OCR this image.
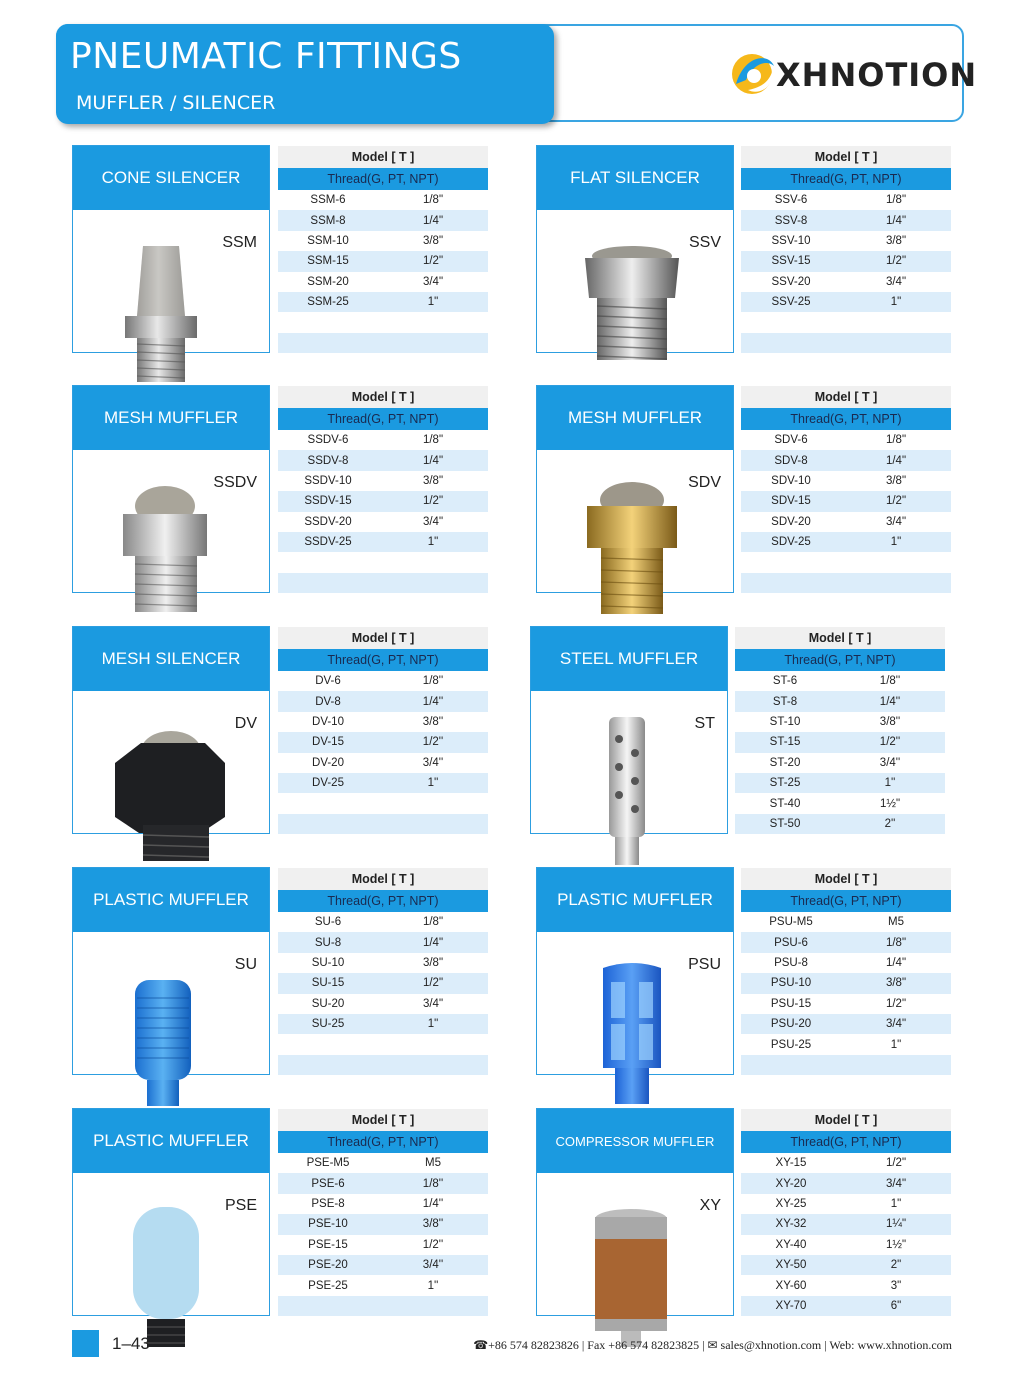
PNEUMATIC FITTINGS
MUFFLER / SILENCER
XHNOTION
CONE SILENCER
SSM
Model [ T ]
Thread(G, PT, NPT)
SSM-6	1/8"
SSM-8	1/4"
SSM-10	3/8"
SSM-15	1/2"
SSM-20	3/4"
SSM-25	1"
FLAT SILENCER
SSV
Model [ T ]
Thread(G, PT, NPT)
SSV-6	1/8"
SSV-8	1/4"
SSV-10	3/8"
SSV-15	1/2"
SSV-20	3/4"
SSV-25	1"
MESH MUFFLER
SSDV
Model [ T ]
Thread(G, PT, NPT)
SSDV-6	1/8"
SSDV-8	1/4"
SSDV-10	3/8"
SSDV-15	1/2"
SSDV-20	3/4"
SSDV-25	1"
MESH MUFFLER
SDV
Model [ T ]
Thread(G, PT, NPT)
SDV-6	1/8"
SDV-8	1/4"
SDV-10	3/8"
SDV-15	1/2"
SDV-20	3/4"
SDV-25	1"
MESH SILENCER
DV
Model [ T ]
Thread(G, PT, NPT)
DV-6	1/8''
DV-8	1/4''
DV-10	3/8''
DV-15	1/2''
DV-20	3/4''
DV-25	1''
STEEL MUFFLER
ST
Model [ T ]
Thread(G, PT, NPT)
ST-6	1/8''
ST-8	1/4''
ST-10	3/8''
ST-15	1/2''
ST-20	3/4''
ST-25	1''
ST-40	1½"
ST-50	2''
PLASTIC MUFFLER
SU
Model [ T ]
Thread(G, PT, NPT)
SU-6	1/8"
SU-8	1/4"
SU-10	3/8"
SU-15	1/2"
SU-20	3/4"
SU-25	1"
PLASTIC MUFFLER
PSU
Model [ T ]
Thread(G, PT, NPT)
PSU-M5	M5
PSU-6	1/8"
PSU-8	1/4"
PSU-10	3/8"
PSU-15	1/2"
PSU-20	3/4"
PSU-25	1"
PLASTIC MUFFLER
PSE
Model [ T ]
Thread(G, PT, NPT)
PSE-M5	M5
PSE-6	1/8''
PSE-8	1/4''
PSE-10	3/8''
PSE-15	1/2''
PSE-20	3/4''
PSE-25	1''
COMPRESSOR MUFFLER
XY
Model [ T ]
Thread(G, PT, NPT)
XY-15	1/2"
XY-20	3/4"
XY-25	1"
XY-32	1¼"
XY-40	1½"
XY-50	2"
XY-60	3"
XY-70	6"
1–43	☎+86 574 82823826 | Fax +86 574 82823825 | ✉ sales@xhnotion.com | Web: www.xhnotion.com
